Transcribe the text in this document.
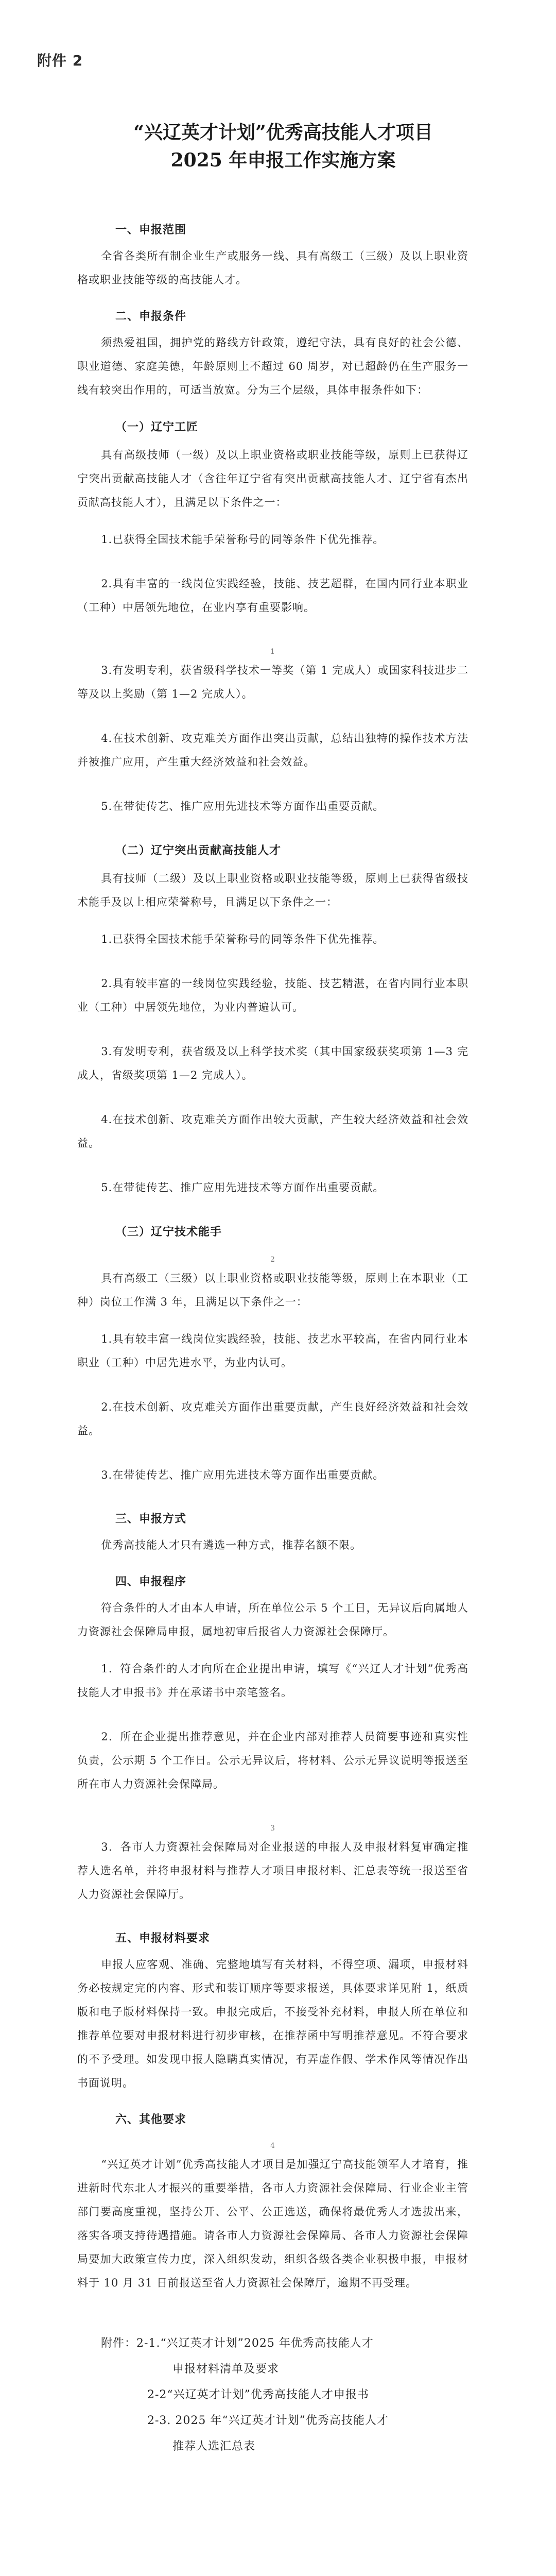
附件 2
“兴辽英才计划”优秀高技能人才项目
2025 年申报工作实施方案
一、申报范围
全省各类所有制企业生产或服务一线、具有高级工（三级）及以上职业资格或职业技能等级的高技能人才。
二、申报条件
须热爱祖国，拥护党的路线方针政策，遵纪守法，具有良好的社会公德、职业道德、家庭美德，年龄原则上不超过 60 周岁，对已超龄仍在生产服务一线有较突出作用的，可适当放宽。分为三个层级，具体申报条件如下：
（一）辽宁工匠
具有高级技师（一级）及以上职业资格或职业技能等级，原则上已获得辽宁突出贡献高技能人才（含往年辽宁省有突出贡献高技能人才、辽宁省有杰出贡献高技能人才），且满足以下条件之一：
1.已获得全国技术能手荣誉称号的同等条件下优先推荐。
2.具有丰富的一线岗位实践经验，技能、技艺超群，在国内同行业本职业（工种）中居领先地位，在业内享有重要影响。
1
3.有发明专利，获省级科学技术一等奖（第 1 完成人）或国家科技进步二等及以上奖励（第 1—2 完成人）。
4.在技术创新、攻克难关方面作出突出贡献，总结出独特的操作技术方法并被推广应用，产生重大经济效益和社会效益。
5.在带徒传艺、推广应用先进技术等方面作出重要贡献。
（二）辽宁突出贡献高技能人才
具有技师（二级）及以上职业资格或职业技能等级，原则上已获得省级技术能手及以上相应荣誉称号，且满足以下条件之一：
1.已获得全国技术能手荣誉称号的同等条件下优先推荐。
2.具有较丰富的一线岗位实践经验，技能、技艺精湛，在省内同行业本职业（工种）中居领先地位，为业内普遍认可。
3.有发明专利，获省级及以上科学技术奖（其中国家级获奖项第 1—3 完成人，省级奖项第 1—2 完成人）。
4.在技术创新、攻克难关方面作出较大贡献，产生较大经济效益和社会效益。
5.在带徒传艺、推广应用先进技术等方面作出重要贡献。
（三）辽宁技术能手
2
具有高级工（三级）以上职业资格或职业技能等级，原则上在本职业（工种）岗位工作满 3 年，且满足以下条件之一：
1.具有较丰富一线岗位实践经验，技能、技艺水平较高，在省内同行业本职业（工种）中居先进水平，为业内认可。
2.在技术创新、攻克难关方面作出重要贡献，产生良好经济效益和社会效益。
3.在带徒传艺、推广应用先进技术等方面作出重要贡献。
三、申报方式
优秀高技能人才只有遴选一种方式，推荐名额不限。
四、申报程序
符合条件的人才由本人申请，所在单位公示 5 个工日，无异议后向属地人力资源社会保障局申报，属地初审后报省人力资源社会保障厅。
1．符合条件的人才向所在企业提出申请，填写《“兴辽人才计划”优秀高技能人才申报书》并在承诺书中亲笔签名。
2．所在企业提出推荐意见，并在企业内部对推荐人员简要事迹和真实性负责，公示期 5 个工作日。公示无异议后，将材料、公示无异议说明等报送至所在市人力资源社会保障局。
3
3．各市人力资源社会保障局对企业报送的申报人及申报材料复审确定推荐人选名单，并将申报材料与推荐人才项目申报材料、汇总表等统一报送至省人力资源社会保障厅。
五、申报材料要求
申报人应客观、准确、完整地填写有关材料，不得空项、漏项，申报材料务必按规定完的内容、形式和装订顺序等要求报送，具体要求详见附 1，纸质版和电子版材料保持一致。申报完成后，不接受补充材料，申报人所在单位和推荐单位要对申报材料进行初步审核，在推荐函中写明推荐意见。不符合要求的不予受理。如发现申报人隐瞒真实情况，有弄虚作假、学术作风等情况作出书面说明。
六、其他要求
4
“兴辽英才计划”优秀高技能人才项目是加强辽宁高技能领军人才培育，推进新时代东北人才振兴的重要举措，各市人力资源社会保障局、行业企业主管部门要高度重视，坚持公开、公平、公正选送，确保将最优秀人才选拔出来，落实各项支持待遇措施。请各市人力资源社会保障局、各市人力资源社会保障局要加大政策宣传力度，深入组织发动，组织各级各类企业积极申报，申报材料于 10 月 31 日前报送至省人力资源社会保障厅，逾期不再受理。
附件：2-1.“兴辽英才计划”2025 年优秀高技能人才
申报材料清单及要求
2-2“兴辽英才计划”优秀高技能人才申报书
2-3. 2025 年“兴辽英才计划”优秀高技能人才
推荐人选汇总表
